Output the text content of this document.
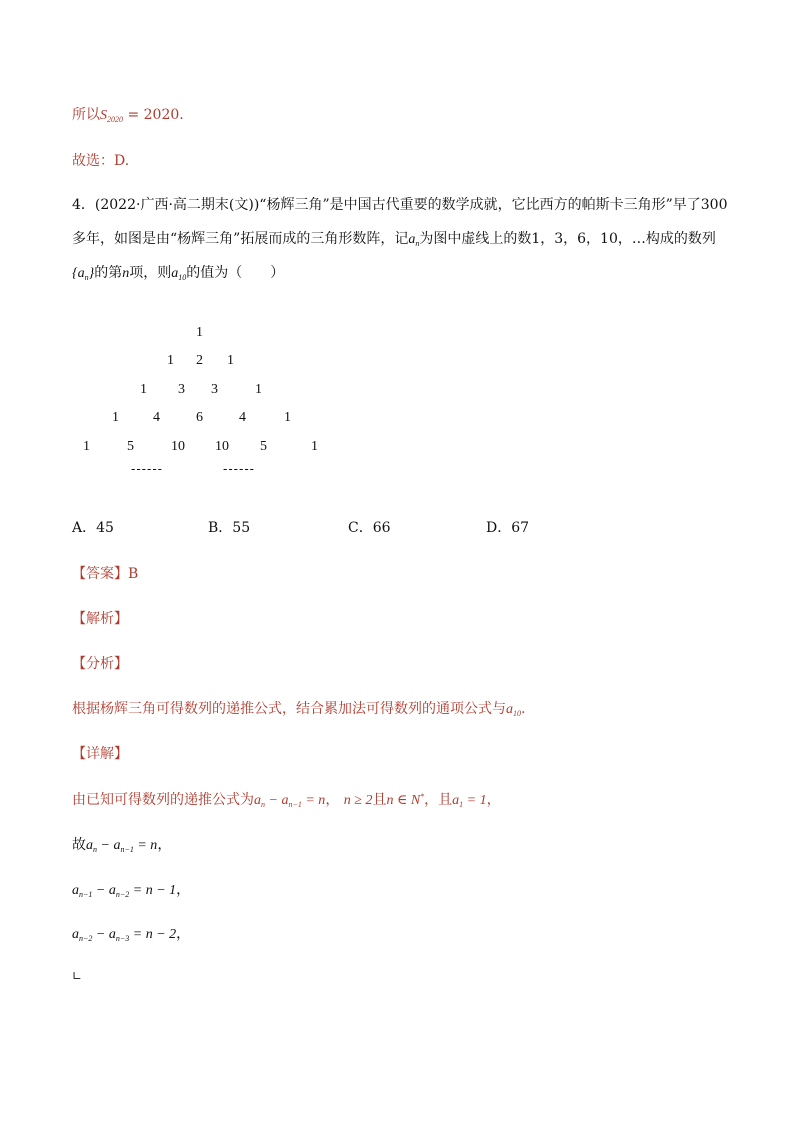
所以$S_{2020} = 2020$.
故选：D.
4．(2022·广西·高二期末(文))“杨辉三角”是中国古代重要的数学成就，它比西方的帕斯卡三角形”早了300
多年，如图是由“杨辉三角”拓展而成的三角形数阵，记$a_n$为图中虚线上的数1，3，6，10，…构成的数列
$\{a_n\}$的第n项，则$a_{10}$的值为（　　）
1
1 2 1
1 3 3	1
1 4	6	4	1
1	5	10 10 5	1
------	------
A．45	B．55	C．66	D．67
【答案】B
【解析】
【分析】
根据杨辉三角可得数列的递推公式，结合累加法可得数列的通项公式与$a_{10}$.
【详解】
由已知可得数列的递推公式为$a_n - a_{n-1} = n$， n ≥ 2且n ∈ N*，且$a_1 = 1$，
故$a_n - a_{n-1} = n$，
$a_{n-1} - a_{n-2} = n - 1$，
$a_{n-2} - a_{n-3} = n - 2$，
∟
